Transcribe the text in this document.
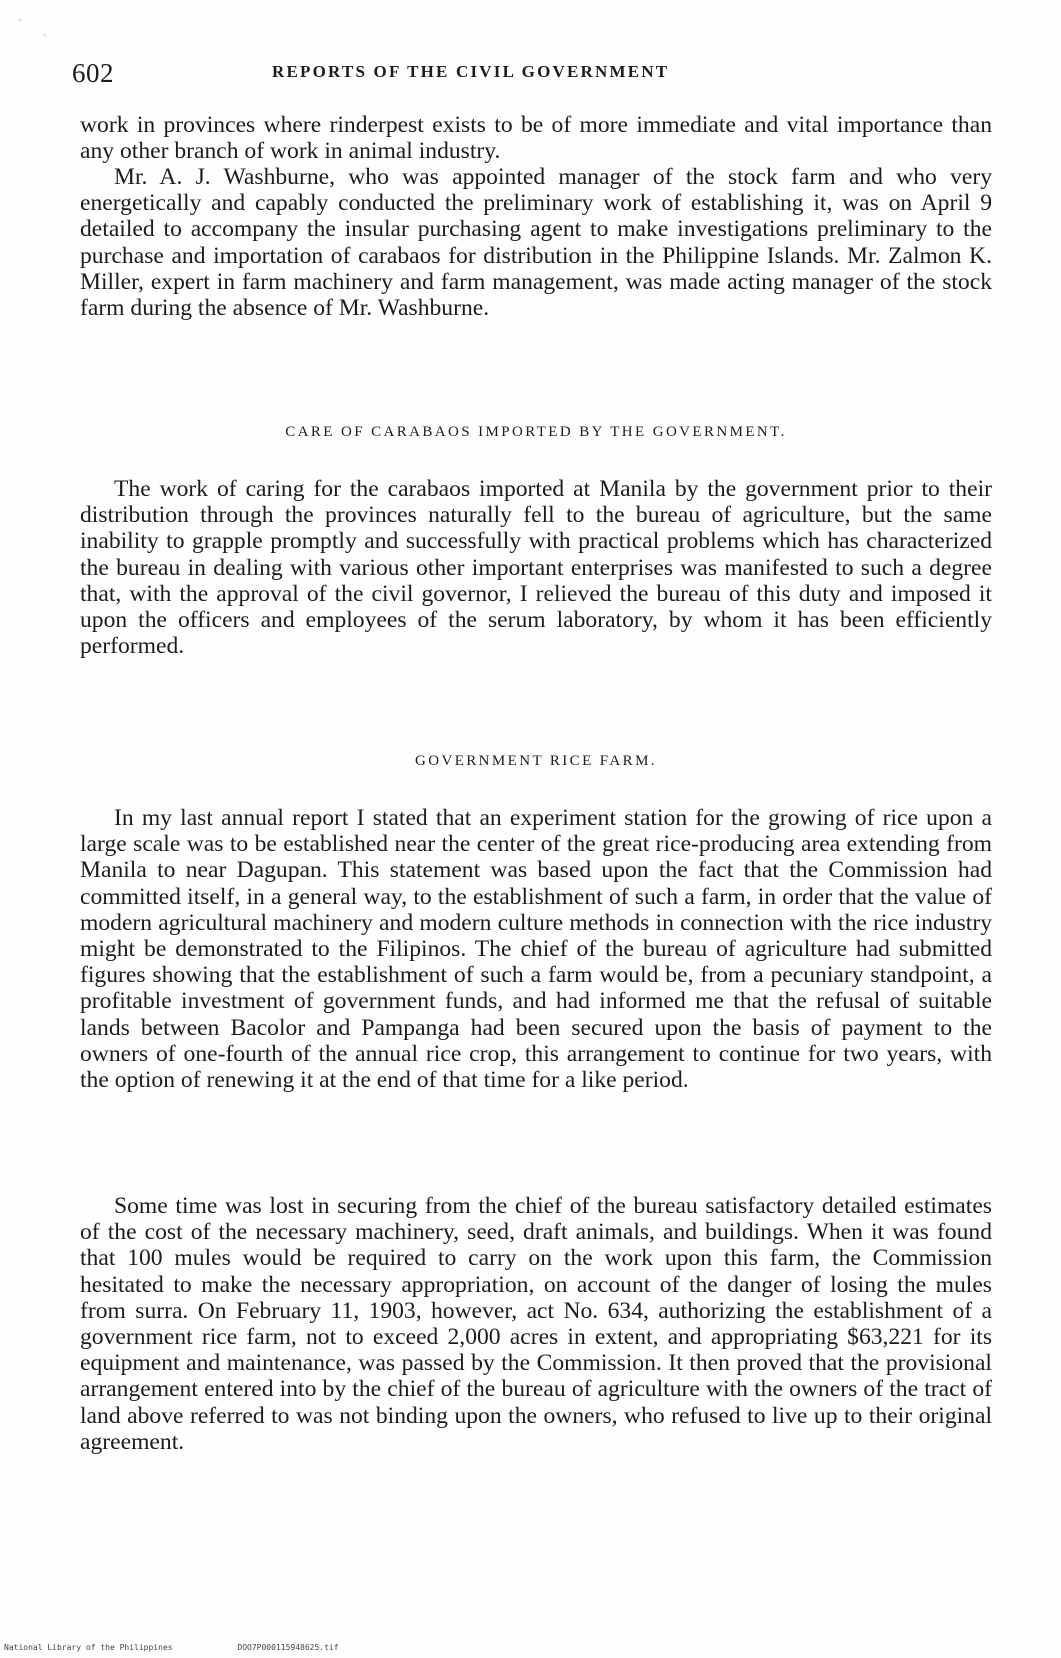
602	REPORTS OF THE CIVIL GOVERNMENT

work in provinces where rinderpest exists to be of more immediate and vital importance than any other branch of work in animal industry.

Mr. A. J. Washburne, who was appointed manager of the stock farm and who very energetically and capably conducted the preliminary work of establishing it, was on April 9 detailed to accompany the insular purchasing agent to make investigations preliminary to the purchase and importation of carabaos for distribution in the Philippine Islands. Mr. Zalmon K. Miller, expert in farm machinery and farm management, was made acting manager of the stock farm during the absence of Mr. Washburne.

CARE OF CARABAOS IMPORTED BY THE GOVERNMENT.

The work of caring for the carabaos imported at Manila by the government prior to their distribution through the provinces naturally fell to the bureau of agriculture, but the same inability to grapple promptly and successfully with practical problems which has characterized the bureau in dealing with various other important enterprises was manifested to such a degree that, with the approval of the civil governor, I relieved the bureau of this duty and imposed it upon the officers and employees of the serum laboratory, by whom it has been efficiently performed.

GOVERNMENT RICE FARM.

In my last annual report I stated that an experiment station for the growing of rice upon a large scale was to be established near the center of the great rice-producing area extending from Manila to near Dagupan. This statement was based upon the fact that the Commission had committed itself, in a general way, to the establishment of such a farm, in order that the value of modern agricultural machinery and modern culture methods in connection with the rice industry might be demonstrated to the Filipinos. The chief of the bureau of agriculture had submitted figures showing that the establishment of such a farm would be, from a pecuniary standpoint, a profitable investment of government funds, and had informed me that the refusal of suitable lands between Bacolor and Pampanga had been secured upon the basis of payment to the owners of one-fourth of the annual rice crop, this arrangement to continue for two years, with the option of renewing it at the end of that time for a like period.

Some time was lost in securing from the chief of the bureau satisfactory detailed estimates of the cost of the necessary machinery, seed, draft animals, and buildings. When it was found that 100 mules would be required to carry on the work upon this farm, the Commission hesitated to make the necessary appropriation, on account of the danger of losing the mules from surra. On February 11, 1903, however, act No. 634, authorizing the establishment of a government rice farm, not to exceed 2,000 acres in extent, and appropriating $63,221 for its equipment and maintenance, was passed by the Commission. It then proved that the provisional arrangement entered into by the chief of the bureau of agriculture with the owners of the tract of land above referred to was not binding upon the owners, who refused to live up to their original agreement.

National Library of the Philippines	DOO7P000115948625.tif
